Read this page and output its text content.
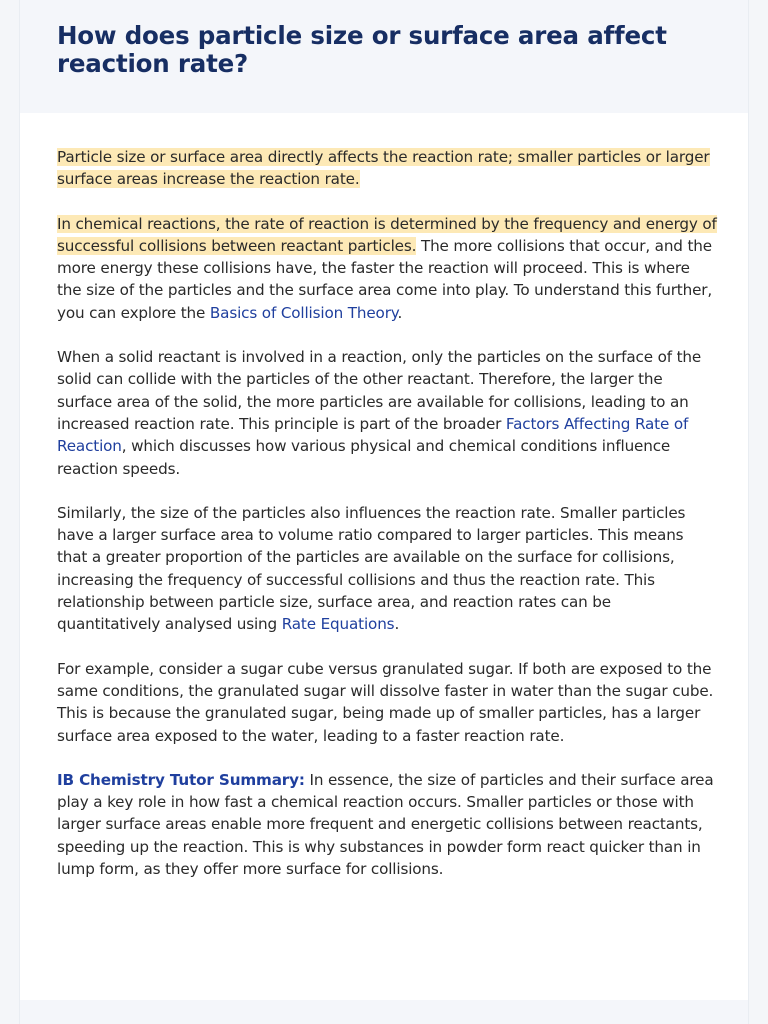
How does particle size or surface area affect reaction rate?

Particle size or surface area directly affects the reaction rate; smaller particles or larger surface areas increase the reaction rate.

In chemical reactions, the rate of reaction is determined by the frequency and energy of successful collisions between reactant particles. The more collisions that occur, and the more energy these collisions have, the faster the reaction will proceed. This is where the size of the particles and the surface area come into play. To understand this further, you can explore the Basics of Collision Theory.

When a solid reactant is involved in a reaction, only the particles on the surface of the solid can collide with the particles of the other reactant. Therefore, the larger the surface area of the solid, the more particles are available for collisions, leading to an increased reaction rate. This principle is part of the broader Factors Affecting Rate of Reaction, which discusses how various physical and chemical conditions influence reaction speeds.

Similarly, the size of the particles also influences the reaction rate. Smaller particles have a larger surface area to volume ratio compared to larger particles. This means that a greater proportion of the particles are available on the surface for collisions, increasing the frequency of successful collisions and thus the reaction rate. This relationship between particle size, surface area, and reaction rates can be quantitatively analysed using Rate Equations.

For example, consider a sugar cube versus granulated sugar. If both are exposed to the same conditions, the granulated sugar will dissolve faster in water than the sugar cube. This is because the granulated sugar, being made up of smaller particles, has a larger surface area exposed to the water, leading to a faster reaction rate.

IB Chemistry Tutor Summary: In essence, the size of particles and their surface area play a key role in how fast a chemical reaction occurs. Smaller particles or those with larger surface areas enable more frequent and energetic collisions between reactants, speeding up the reaction. This is why substances in powder form react quicker than in lump form, as they offer more surface for collisions.
